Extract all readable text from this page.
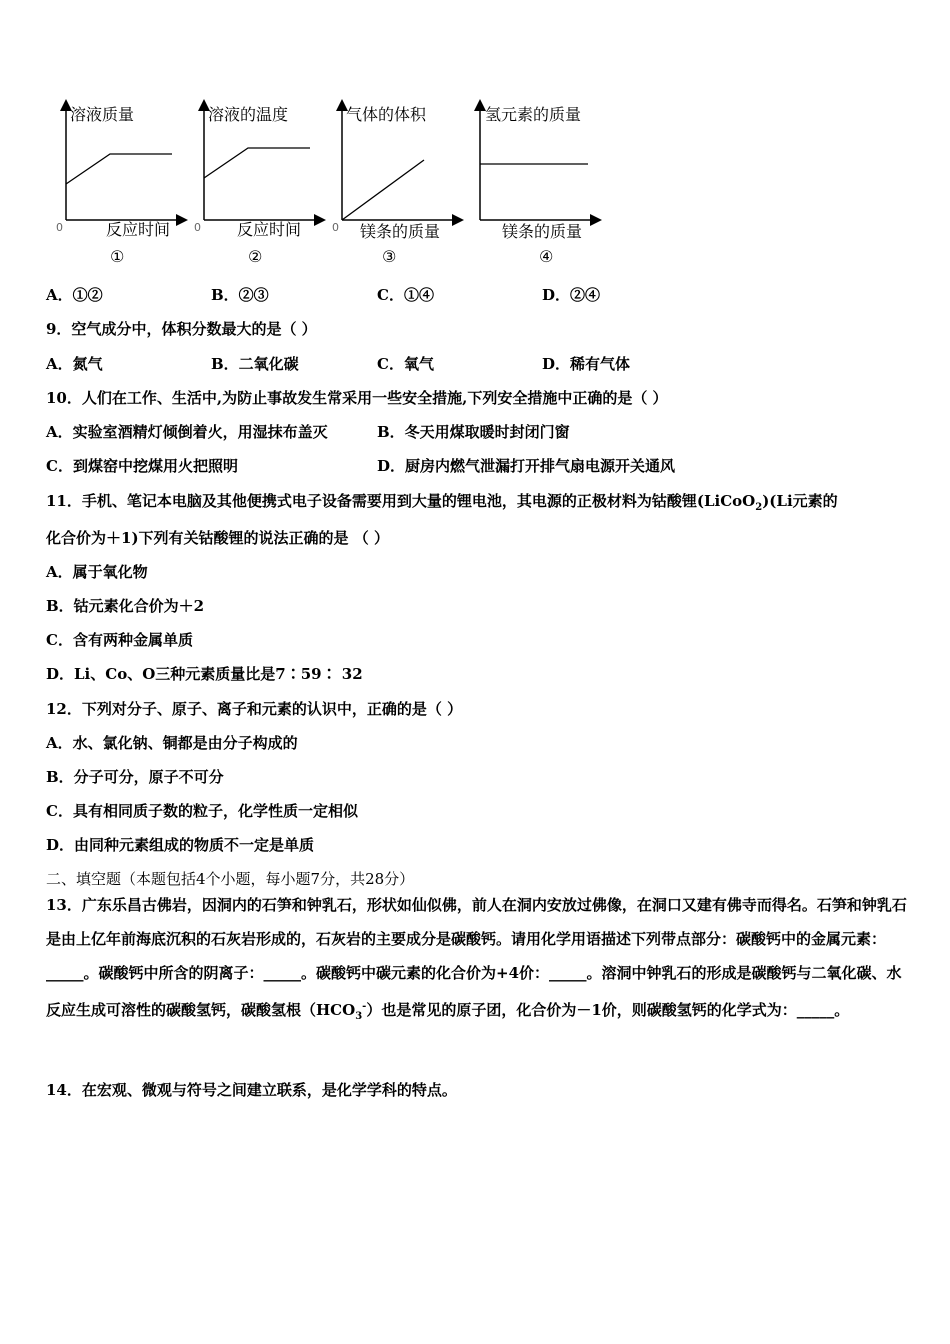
溶液质量
反应时间
0
①
溶液的温度
反应时间
0
②
气体的体积
镁条的质量
0
③
氢元素的质量
镁条的质量
④
A．①②	B．②③	C．①④	D．②④
9．空气成分中，体积分数最大的是（ ）
A．氮气	B．二氧化碳	C．氧气	D．稀有气体
10．人们在工作、生活中,为防止事故发生常采用一些安全措施,下列安全措施中正确的是（ ）
A．实验室酒精灯倾倒着火，用湿抹布盖灭	B．冬天用煤取暖时封闭门窗
C．到煤窑中挖煤用火把照明	D．厨房内燃气泄漏打开排气扇电源开关通风
11．手机、笔记本电脑及其他便携式电子设备需要用到大量的锂电池，其电源的正极材料为钴酸锂(LiCoO$_2$)(Li元素的
化合价为＋1)下列有关钴酸锂的说法正确的是 （ ）
A．属于氧化物
B．钴元素化合价为＋2
C．含有两种金属单质
D．Li、Co、O三种元素质量比是7∶59∶ 32
12．下列对分子、原子、离子和元素的认识中，正确的是（ ）
A．水、氯化钠、铜都是由分子构成的
B．分子可分，原子不可分
C．具有相同质子数的粒子，化学性质一定相似
D．由同种元素组成的物质不一定是单质
二、填空题（本题包括4个小题，每小题7分，共28分）
13．广东乐昌古佛岩，因洞内的石笋和钟乳石，形状如仙似佛，前人在洞内安放过佛像，在洞口又建有佛寺而得名。石笋和钟乳石是由上亿年前海底沉积的石灰岩形成的，石灰岩的主要成分是碳酸钙。请用化学用语描述下列带点部分：碳酸钙中的金属元素：_____。碳酸钙中所含的阴离子：_____。碳酸钙中碳元素的化合价为+4价：_____。溶洞中钟乳石的形成是碳酸钙与二氧化碳、水反应生成可溶性的碳酸氢钙，碳酸氢根$(HCO_3^-)$也是常见的原子团，化合价为－1价，则碳酸氢钙的化学式为：_____。
14．在宏观、微观与符号之间建立联系，是化学学科的特点。
